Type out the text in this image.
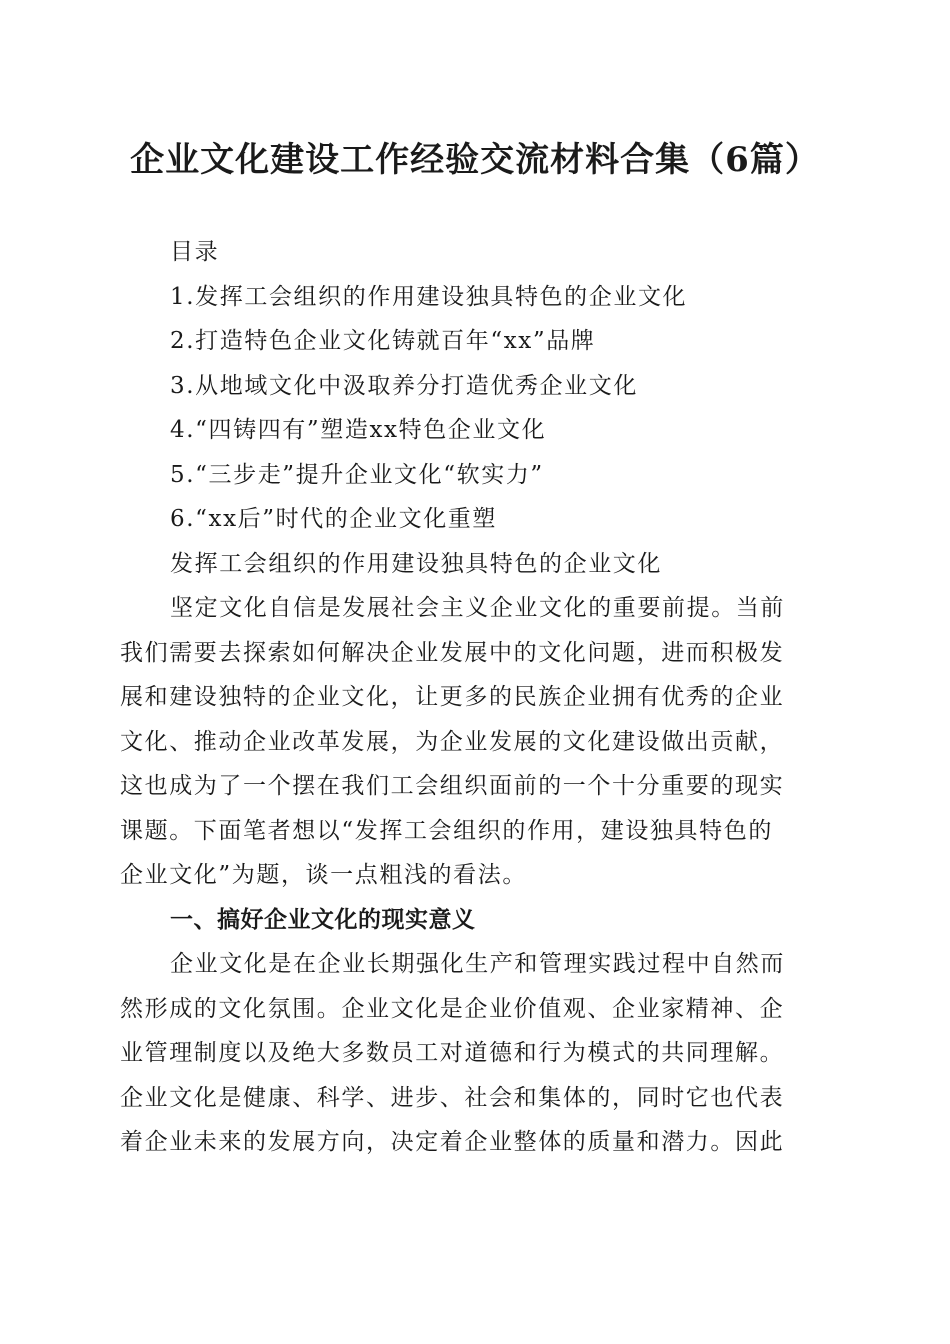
企业文化建设工作经验交流材料合集（6篇）

目录

1.发挥工会组织的作用建设独具特色的企业文化

2.打造特色企业文化铸就百年“xx”品牌

3.从地域文化中汲取养分打造优秀企业文化

4.“四铸四有”塑造xx特色企业文化

5.“三步走”提升企业文化“软实力”

6.“xx后”时代的企业文化重塑

发挥工会组织的作用建设独具特色的企业文化

坚定文化自信是发展社会主义企业文化的重要前提。当前

我们需要去探索如何解决企业发展中的文化问题，进而积极发

展和建设独特的企业文化，让更多的民族企业拥有优秀的企业

文化、推动企业改革发展，为企业发展的文化建设做出贡献，

这也成为了一个摆在我们工会组织面前的一个十分重要的现实

课题。下面笔者想以“发挥工会组织的作用，建设独具特色的

企业文化”为题，谈一点粗浅的看法。

一、搞好企业文化的现实意义

企业文化是在企业长期强化生产和管理实践过程中自然而

然形成的文化氛围。企业文化是企业价值观、企业家精神、企

业管理制度以及绝大多数员工对道德和行为模式的共同理解。

企业文化是健康、科学、进步、社会和集体的，同时它也代表

着企业未来的发展方向，决定着企业整体的质量和潜力。因此
